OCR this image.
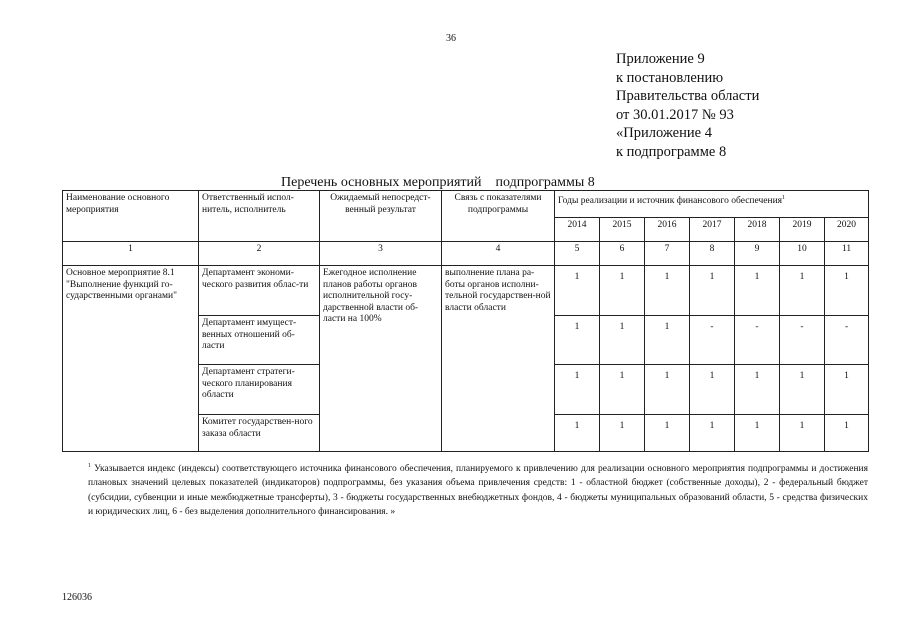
36
Приложение 9
к постановлению
Правительства области
от 30.01.2017 № 93
«Приложение 4
к подпрограмме 8
Перечень основных мероприятий    подпрограммы 8
Наименование основного мероприятия	Ответственный испол-нитель, исполнитель	Ожидаемый непосредст-венный результат	Связь с показателями подпрограммы	Годы реализации и источник финансового обеспечения$^1$
				2014	2015	2016	2017	2018	2019	2020
1	2	3	4	5	6	7	8	9	10	11
Основное мероприятие 8.1 "Выполнение функций го-сударственными органами"	Департамент экономи-ческого развития облас-ти	Ежегодное исполнение планов работы органов исполнительной госу-дарственной власти об-ласти на 100%	выполнение плана ра-боты органов исполни-тельной государствен-ной власти области	1	1	1	1	1	1	1
	Департамент имущест-венных отношений об-ласти			1	1	1	-	-	-	-
	Департамент стратеги-ческого планирования области			1	1	1	1	1	1	1
	Комитет государствен-ного заказа области			1	1	1	1	1	1	1
$^1$ Указывается индекс (индексы) соответствующего источника финансового обеспечения, планируемого к привлечению для реализации основного мероприятия подпрограммы и достижения плановых значений целевых показателей (индикаторов) подпрограммы, без указания объема привлечения средств: 1 - областной бюджет (собственные доходы), 2 - федеральный бюджет (субсидии, субвенции и иные межбюджетные трансферты), 3 - бюджеты государственных внебюджетных фондов, 4 - бюджеты муниципальных образований области, 5 - средства физических и юридических лиц, 6 - без выделения дополнительного финансирования. »
126036
